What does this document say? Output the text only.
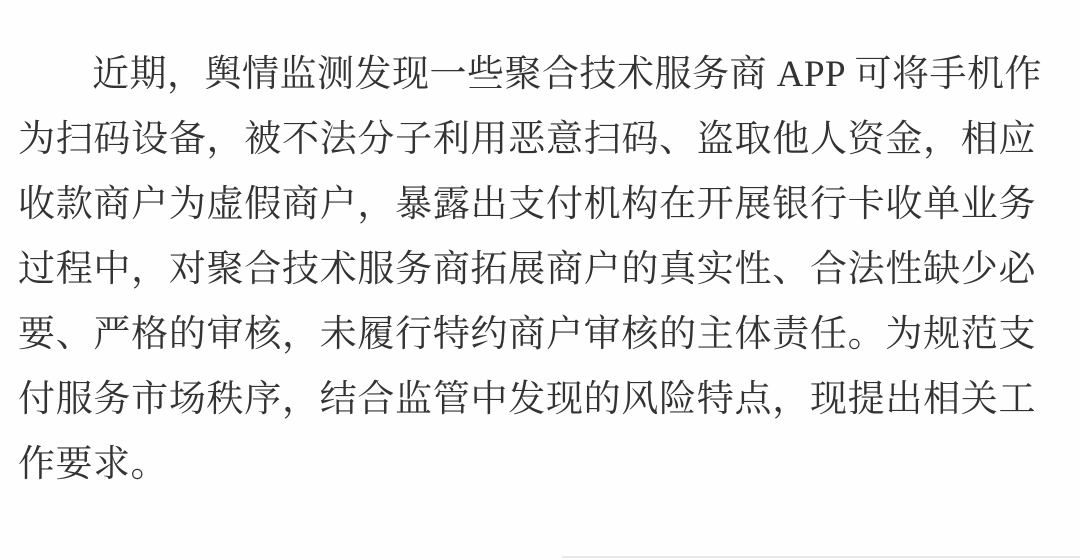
近期，舆情监测发现一些聚合技术服务商 APP 可将手机作
为扫码设备，被不法分子利用恶意扫码、盗取他人资金，相应
收款商户为虚假商户，暴露出支付机构在开展银行卡收单业务
过程中，对聚合技术服务商拓展商户的真实性、合法性缺少必
要、严格的审核，未履行特约商户审核的主体责任。为规范支
付服务市场秩序，结合监管中发现的风险特点，现提出相关工
作要求。
